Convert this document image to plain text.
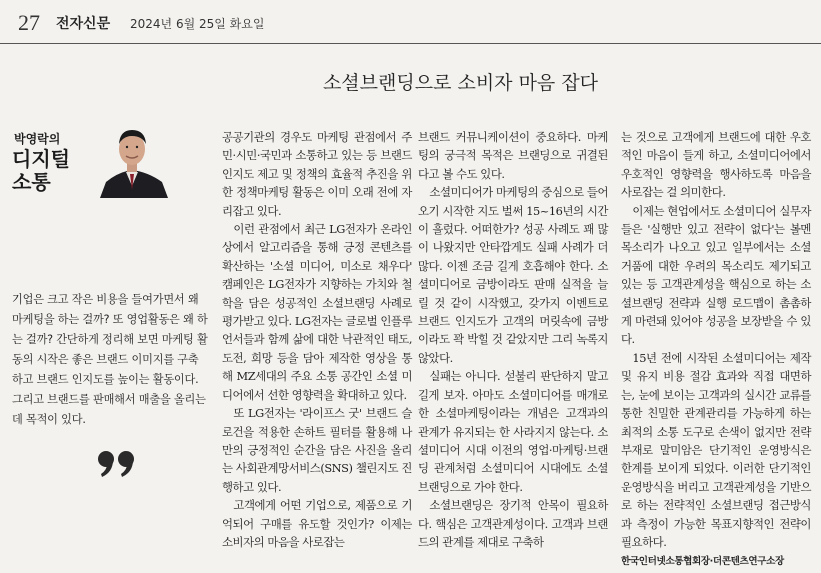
27 전자신문 2024년 6월 25일 화요일
소셜브랜딩으로 소비자 마음 잡다
박영락의
디지털
소통

기업은 크고 작은 비용을 들여가면서 왜 마케팅을 하는 걸까? 또 영업활동은 왜 하는 걸까? 간단하게 정리해 보면 마케팅 활동의 시작은 좋은 브랜드 이미지를 구축하고 브랜드 인지도를 높이는 활동이다. 그리고 브랜드를 판매해서 매출을 올리는 데 목적이 있다.

공공기관의 경우도 마케팅 관점에서 주민·시민·국민과 소통하고 있는 등 브랜드 인지도 제고 및 정책의 효율적 추진을 위한 정책마케팅 활동은 이미 오래 전에 자리잡고 있다.

이런 관점에서 최근 LG전자가 온라인 상에서 알고리즘을 통해 긍정 콘텐츠를 확산하는 '소셜 미디어, 미소로 채우다' 캠페인은 LG전자가 지향하는 가치와 철학을 담은 성공적인 소셜브랜딩 사례로 평가받고 있다. LG전자는 글로벌 인플루언서들과 함께 삶에 대한 낙관적인 태도, 도전, 희망 등을 담아 제작한 영상을 통해 MZ세대의 주요 소통 공간인 소셜 미디어에서 선한 영향력을 확대하고 있다.

또 LG전자는 '라이프스 굿' 브랜드 슬로건을 적용한 손하트 필터를 활용해 나만의 긍정적인 순간을 담은 사진을 올리는 사회관계망서비스(SNS) 챌린지도 진행하고 있다.

고객에게 어떤 기업으로, 제품으로 기억되어 구매를 유도할 것인가? 이제는 소비자의 마음을 사로잡는

브랜드 커뮤니케이션이 중요하다. 마케팅의 궁극적 목적은 브랜딩으로 귀결된다고 볼 수도 있다.

소셜미디어가 마케팅의 중심으로 들어오기 시작한 지도 벌써 15~16년의 시간이 흘렀다. 어떠한가? 성공 사례도 꽤 많이 나왔지만 안타깝게도 실패 사례가 더 많다. 이젠 조금 길게 호흡해야 한다. 소셜미디어로 금방이라도 판매 실적을 늘릴 것 같이 시작했고, 갖가지 이벤트로 브랜드 인지도가 고객의 머릿속에 금방이라도 꽉 박힐 것 같았지만 그리 녹록지 않았다.

실패는 아니다. 섣불리 판단하지 말고 길게 보자. 아마도 소셜미디어를 매개로 한 소셜마케팅이라는 개념은 고객과의 관계가 유지되는 한 사라지지 않는다. 소셜미디어 시대 이전의 영업·마케팅·브랜딩 관계처럼 소셜미디어 시대에도 소셜브랜딩으로 가야 한다.

소셜브랜딩은 장기적 안목이 필요하다. 핵심은 고객관계성이다. 고객과 브랜드의 관계를 제대로 구축하

는 것으로 고객에게 브랜드에 대한 우호적인 마음이 들게 하고, 소셜미디어에서 우호적인 영향력을 행사하도록 마음을 사로잡는 걸 의미한다.

이제는 현업에서도 소셜미디어 실무자들은 '실행만 있고 전략이 없다'는 볼멘 목소리가 나오고 있고 일부에서는 소셜 거품에 대한 우려의 목소리도 제기되고 있는 등 고객관계성을 핵심으로 하는 소셜브랜딩 전략과 실행 로드맵이 촘촘하게 마련돼 있어야 성공을 보장받을 수 있다.

15년 전에 시작된 소셜미디어는 제작 및 유지 비용 절감 효과와 직접 대면하는, 눈에 보이는 고객과의 실시간 교류를 통한 친밀한 관계관리를 가능하게 하는 최적의 소통 도구로 손색이 없지만 전략 부재로 말미암은 단기적인 운영방식은 한계를 보이게 되었다. 이러한 단기적인 운영방식을 버리고 고객관계성을 기반으로 하는 전략적인 소셜브랜딩 접근방식과 측정이 가능한 목표지향적인 전략이 필요하다.

한국인터넷소통협회장·더콘텐츠연구소장
